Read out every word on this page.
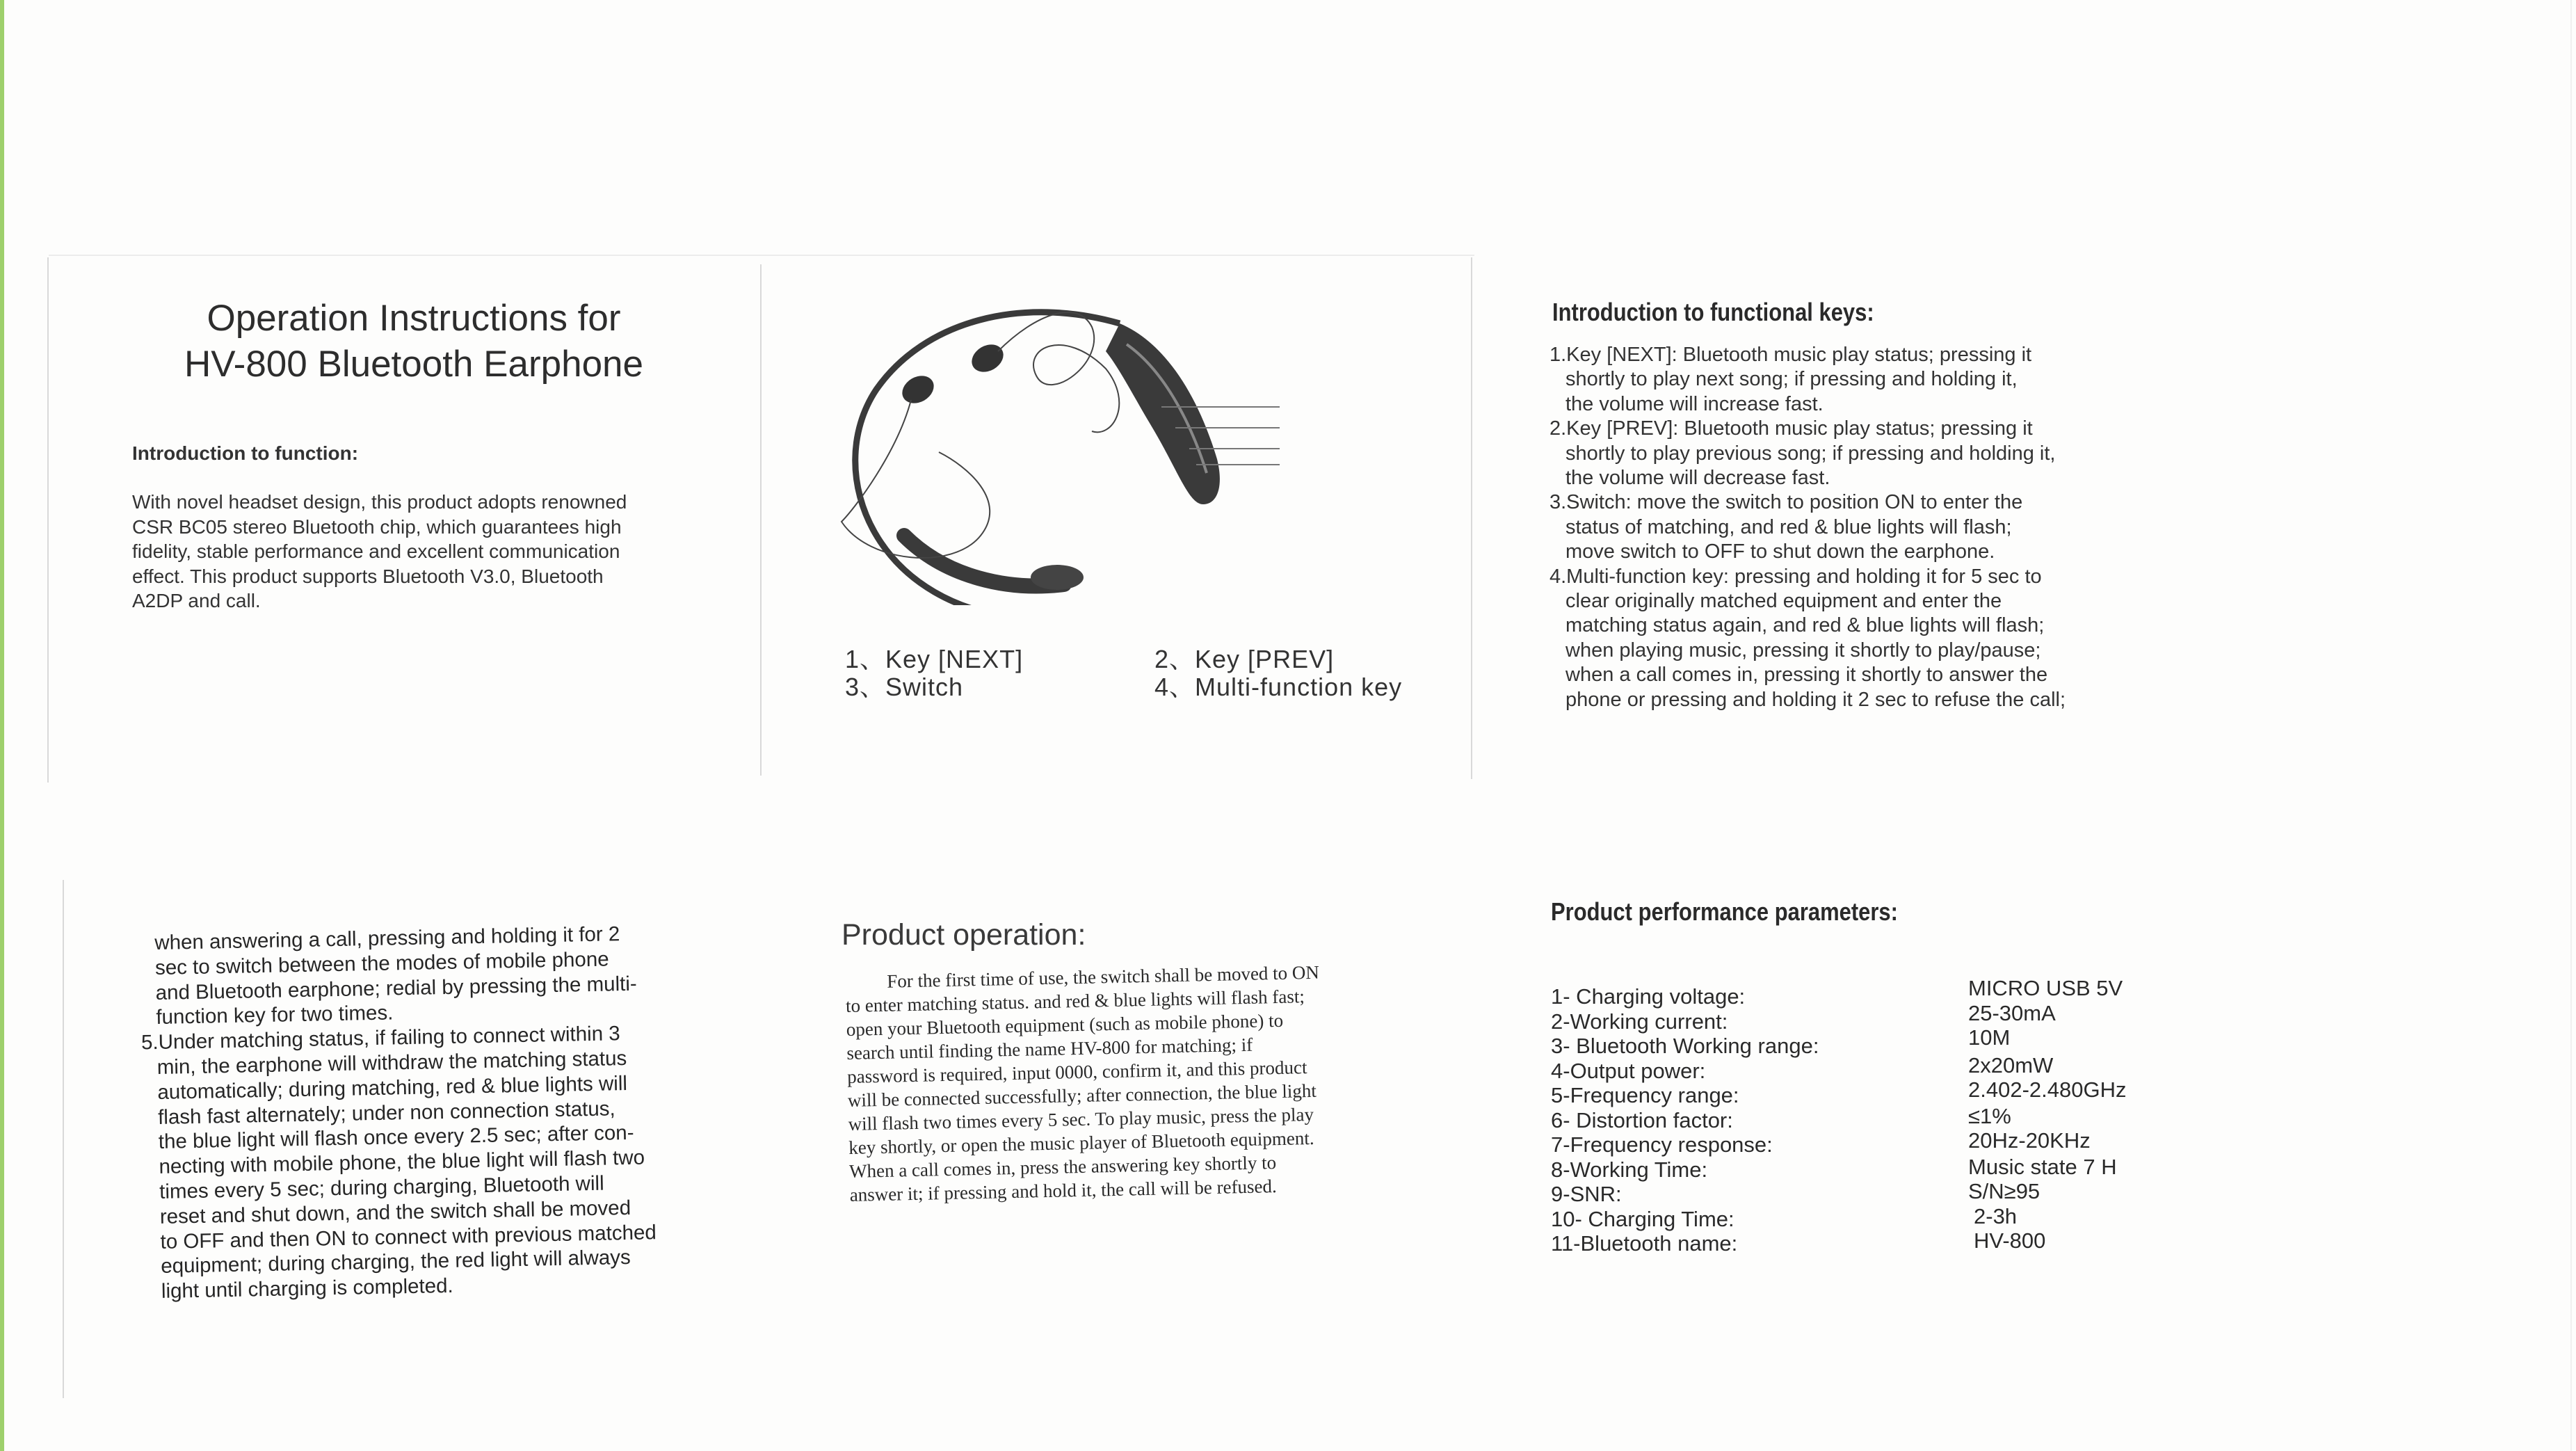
Operation Instructions for
HV-800 Bluetooth Earphone
Introduction to function:
With novel headset design, this product adopts renowned
CSR BC05 stereo Bluetooth chip, which guarantees high
fidelity, stable performance and excellent communication
effect. This product supports Bluetooth V3.0, Bluetooth
A2DP and call.
1、Key [NEXT]	2、Key [PREV]
3、Switch	4、Multi-function key
Introduction to functional keys:
1.Key [NEXT]: Bluetooth music play status; pressing it
shortly to play next song; if pressing and holding it,
the volume will increase fast.
2.Key [PREV]: Bluetooth music play status; pressing it
shortly to play previous song; if pressing and holding it,
the volume will decrease fast.
3.Switch: move the switch to position ON to enter the
status of matching, and red & blue lights will flash;
move switch to OFF to shut down the earphone.
4.Multi-function key: pressing and holding it for 5 sec to
clear originally matched equipment and enter the
matching status again, and red & blue lights will flash;
when playing music, pressing it shortly to play/pause;
when a call comes in, pressing it shortly to answer the
phone or pressing and holding it 2 sec to refuse the call;
when answering a call, pressing and holding it for 2
sec to switch between the modes of mobile phone
and Bluetooth earphone; redial by pressing the multi-
function key for two times.
5.Under matching status, if failing to connect within 3
min, the earphone will withdraw the matching status
automatically; during matching, red & blue lights will
flash fast alternately; under non connection status,
the blue light will flash once every 2.5 sec; after con-
necting with mobile phone, the blue light will flash two
times every 5 sec; during charging, Bluetooth will
reset and shut down, and the switch shall be moved
to OFF and then ON to connect with previous matched
equipment; during charging, the red light will always
light until charging is completed.
Product operation:
For the first time of use, the switch shall be moved to ON
to enter matching status. and red & blue lights will flash fast;
open your Bluetooth equipment (such as mobile phone) to
search until finding the name HV-800 for matching; if
password is required, input 0000, confirm it, and this product
will be connected successfully; after connection, the blue light
will flash two times every 5 sec. To play music, press the play
key shortly, or open the music player of Bluetooth equipment.
When a call comes in, press the answering key shortly to
answer it; if pressing and hold it, the call will be refused.
Product performance parameters:
1- Charging voltage:	MICRO USB 5V
2-Working current:	25-30mA
3- Bluetooth Working range:	10M
4-Output power:	2x20mW
5-Frequency range:	2.402-2.480GHz
6- Distortion factor:	≤1%
7-Frequency response:	20Hz-20KHz
8-Working Time:	Music state 7 H
9-SNR:	S/N≥95
10- Charging Time:	2-3h
11-Bluetooth name:	HV-800
